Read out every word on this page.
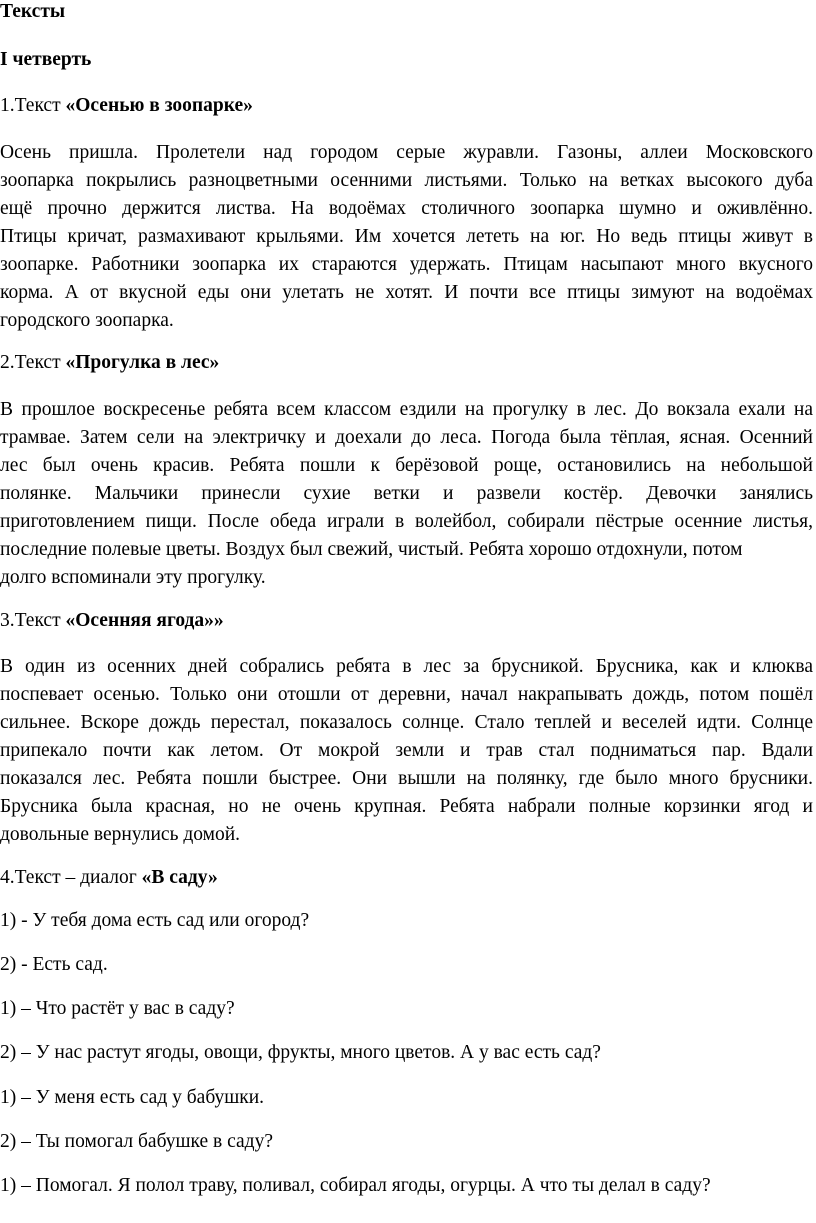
Тексты
I четверть
1.Текст «Осенью в зоопарке»
Осень пришла. Пролетели над городом серые журавли. Газоны, аллеи Московского
зоопарка покрылись разноцветными осенними листьями. Только на ветках высокого дуба
ещё прочно держится листва. На водоёмах столичного зоопарка шумно и оживлённо.
Птицы кричат, размахивают крыльями. Им хочется лететь на юг. Но ведь птицы живут в
зоопарке. Работники зоопарка их стараются удержать. Птицам насыпают много вкусного
корма. А от вкусной еды они улетать не хотят. И почти все птицы зимуют на водоёмах
городского зоопарка.
2.Текст «Прогулка в лес»
В прошлое воскресенье ребята всем классом ездили на прогулку в лес. До вокзала ехали на
трамвае. Затем сели на электричку и доехали до леса. Погода была тёплая, ясная. Осенний
лес был очень красив. Ребята пошли к берёзовой роще, остановились на небольшой
полянке. Мальчики принесли сухие ветки и развели костёр. Девочки занялись
приготовлением пищи. После обеда играли в волейбол, собирали пёстрые осенние листья,
последние полевые цветы. Воздух был свежий, чистый. Ребята хорошо отдохнули, потом
долго вспоминали эту прогулку.
3.Текст «Осенняя ягода»»
В один из осенних дней собрались ребята в лес за брусникой. Брусника, как и клюква
поспевает осенью. Только они отошли от деревни, начал накрапывать дождь, потом пошёл
сильнее. Вскоре дождь перестал, показалось солнце. Стало теплей и веселей идти. Солнце
припекало почти как летом. От мокрой земли и трав стал подниматься пар. Вдали
показался лес. Ребята пошли быстрее. Они вышли на полянку, где было много брусники.
Брусника была красная, но не очень крупная. Ребята набрали полные корзинки ягод и
довольные вернулись домой.
4.Текст – диалог «В саду»
1) - У тебя дома есть сад или огород?
2) - Есть сад.
1) – Что растёт у вас в саду?
2) – У нас растут ягоды, овощи, фрукты, много цветов. А у вас есть сад?
1) – У меня есть сад у бабушки.
2) – Ты помогал бабушке в саду?
1) – Помогал. Я полол траву, поливал, собирал ягоды, огурцы. А что ты делал в саду?
